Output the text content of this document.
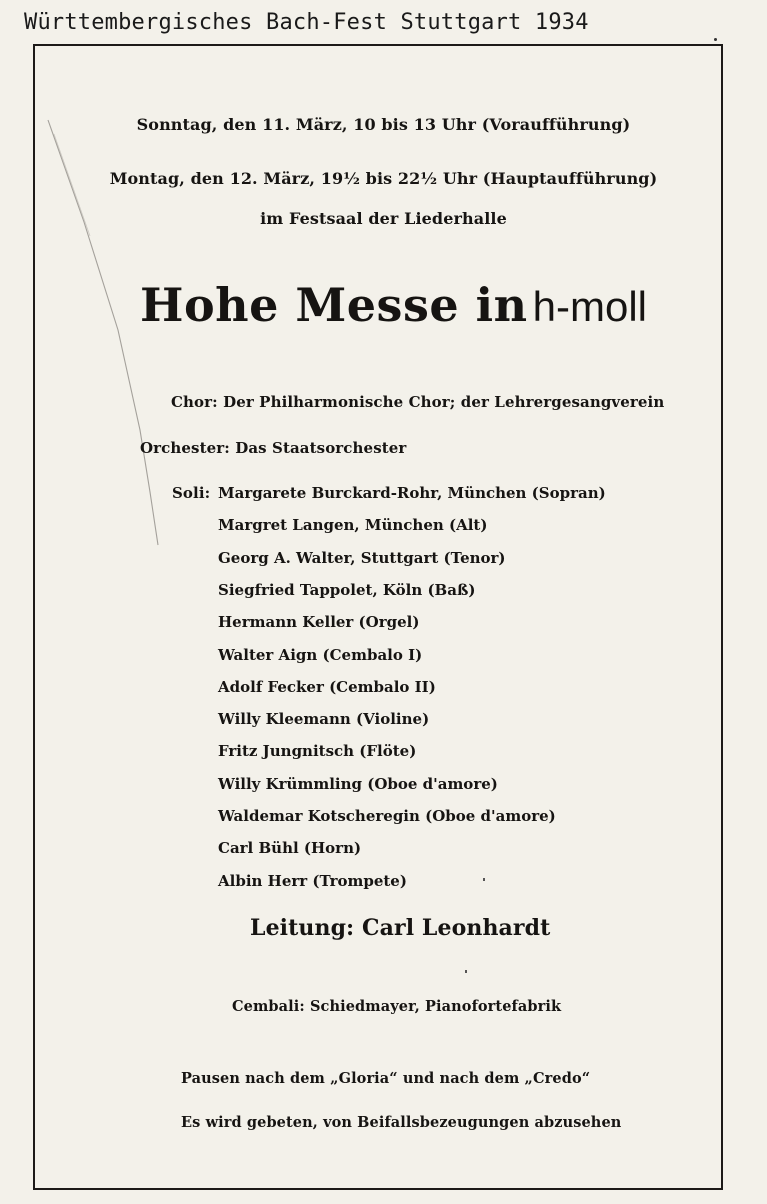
Württembergisches Bach-Fest Stuttgart 1934
Sonntag, den 11. März, 10 bis 13 Uhr (Voraufführung)
Montag, den 12. März, 19½ bis 22½ Uhr (Hauptaufführung)
im Festsaal der Liederhalle
Hohe Messe in h-moll
Chor: Der Philharmonische Chor; der Lehrergesangverein
Orchester: Das Staatsorchester
Soli: Margarete Burckard-Rohr, München (Sopran)
Margret Langen, München (Alt)
Georg A. Walter, Stuttgart (Tenor)
Siegfried Tappolet, Köln (Baß)
Hermann Keller (Orgel)
Walter Aign (Cembalo I)
Adolf Fecker (Cembalo II)
Willy Kleemann (Violine)
Fritz Jungnitsch (Flöte)
Willy Krümmling (Oboe d'amore)
Waldemar Kotscheregin (Oboe d'amore)
Carl Bühl (Horn)
Albin Herr (Trompete)
Leitung: Carl Leonhardt
Cembali: Schiedmayer, Pianofortefabrik
Pausen nach dem „Gloria“ und nach dem „Credo“
Es wird gebeten, von Beifallsbezeugungen abzusehen
